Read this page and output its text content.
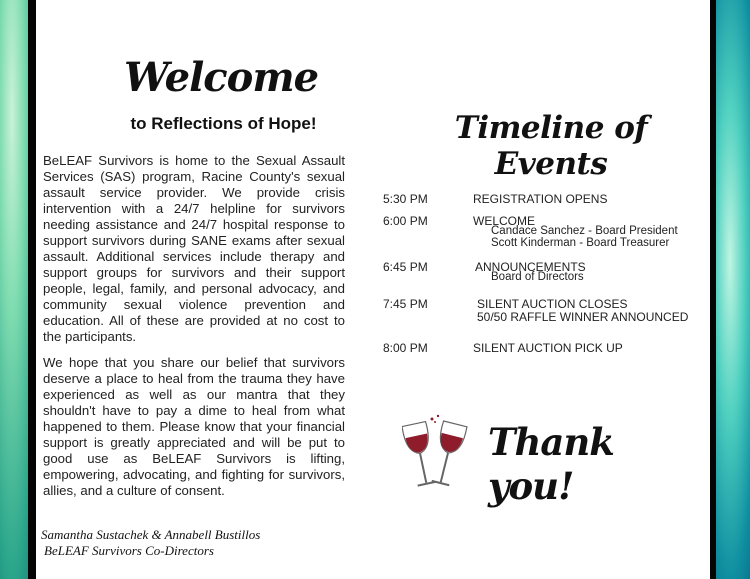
Welcome
to Reflections of Hope!
BeLEAF Survivors is home to the Sexual Assault Services (SAS) program, Racine County's sexual assault service provider. We provide crisis intervention with a 24/7 helpline for survivors needing assistance and 24/7 hospital response to support survivors during SANE exams after sexual assault. Additional services include therapy and support groups for survivors and their support people, legal, family, and personal advocacy, and community sexual violence prevention and education. All of these are provided at no cost to the participants.
We hope that you share our belief that survivors deserve a place to heal from the trauma they have experienced as well as our mantra that they shouldn't have to pay a dime to heal from what happened to them. Please know that your financial support is greatly appreciated and will be put to good use as BeLEAF Survivors is lifting, empowering, advocating, and fighting for survivors, allies, and a culture of consent.
Samantha Sustachek & Annabell Bustillos
BeLEAF Survivors Co-Directors
Timeline of Events
5:30 PM	REGISTRATION OPENS
6:00 PM	WELCOME
Candace Sanchez - Board President
Scott Kinderman - Board Treasurer
6:45 PM	ANNOUNCEMENTS
Board of Directors
7:45 PM	SILENT AUCTION CLOSES
50/50 RAFFLE WINNER ANNOUNCED
8:00 PM	SILENT AUCTION PICK UP
Thank you!
